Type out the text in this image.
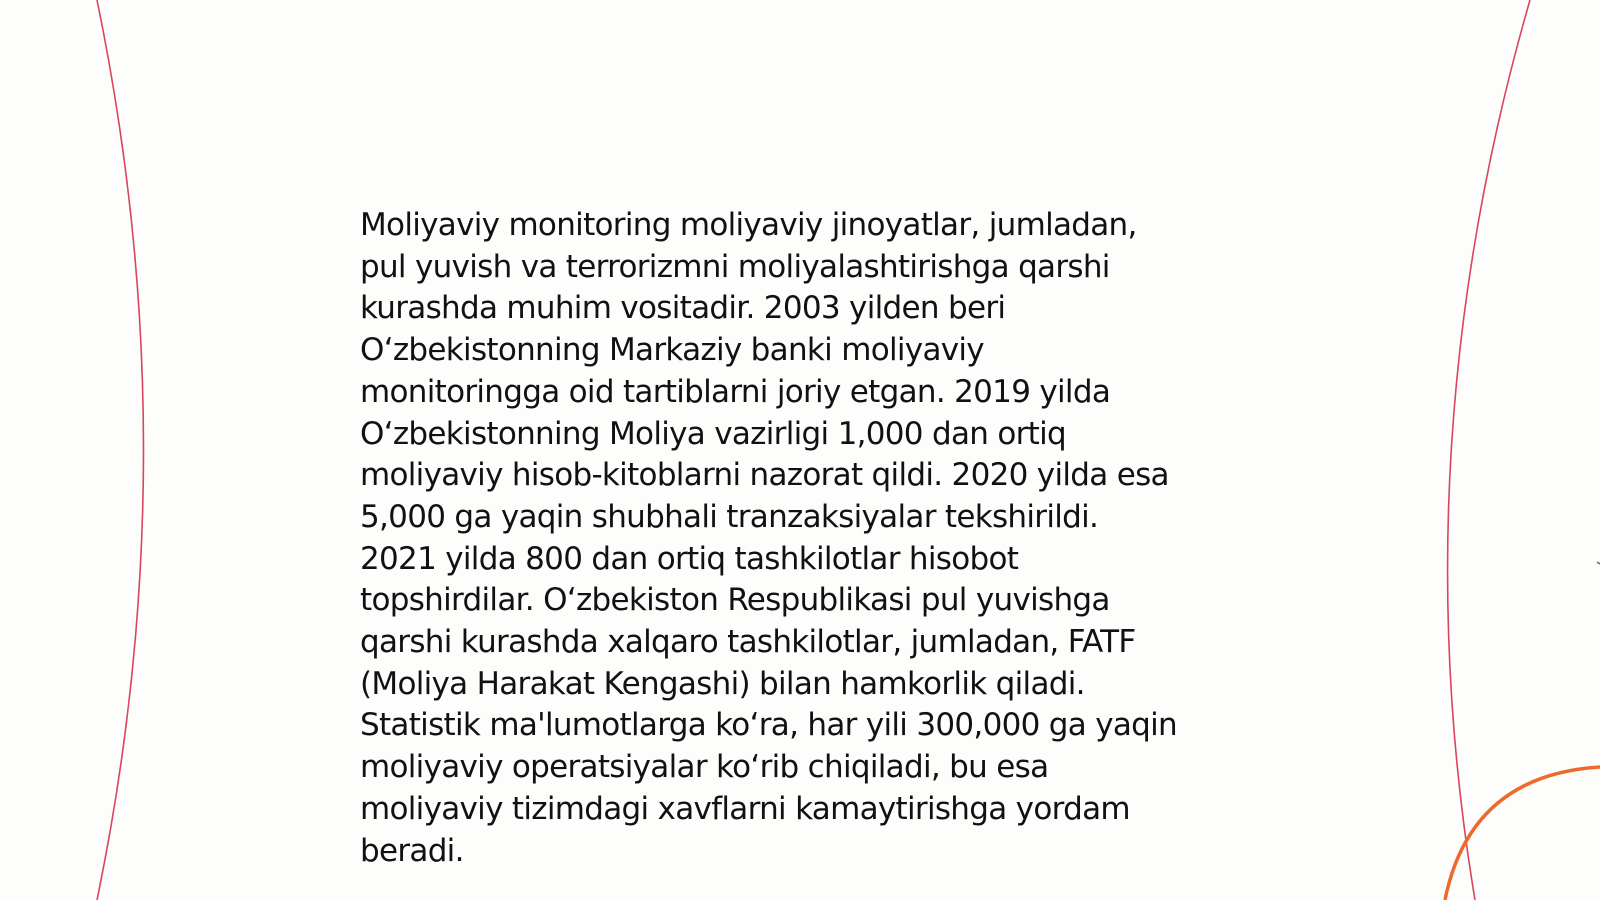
Moliyaviy monitoring moliyaviy jinoyatlar, jumladan,
pul yuvish va terrorizmni moliyalashtirishga qarshi
kurashda muhim vositadir. 2003 yilden beri
O‘zbekistonning Markaziy banki moliyaviy
monitoringga oid tartiblarni joriy etgan. 2019 yilda
O‘zbekistonning Moliya vazirligi 1,000 dan ortiq
moliyaviy hisob-kitoblarni nazorat qildi. 2020 yilda esa
5,000 ga yaqin shubhali tranzaksiyalar tekshirildi.
2021 yilda 800 dan ortiq tashkilotlar hisobot
topshirdilar. O‘zbekiston Respublikasi pul yuvishga
qarshi kurashda xalqaro tashkilotlar, jumladan, FATF
(Moliya Harakat Kengashi) bilan hamkorlik qiladi.
Statistik ma'lumotlarga ko‘ra, har yili 300,000 ga yaqin
moliyaviy operatsiyalar ko‘rib chiqiladi, bu esa
moliyaviy tizimdagi xavflarni kamaytirishga yordam
beradi.
